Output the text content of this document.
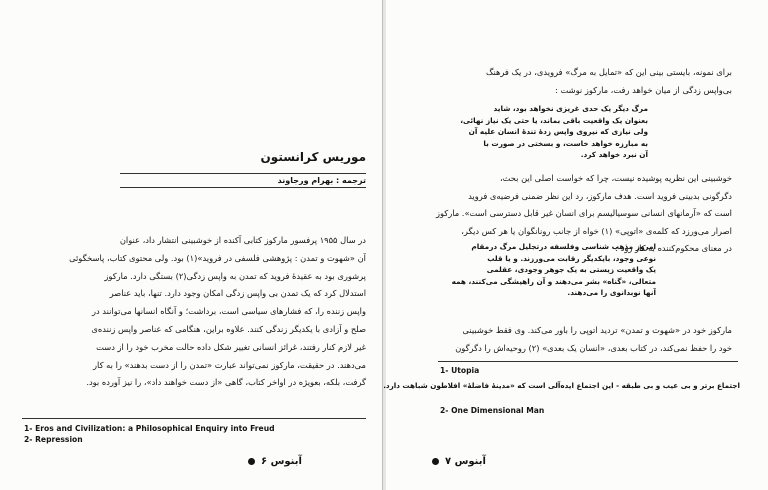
موریس کرانستون
ترجمه : بهرام ورجاوند

در سال ۱۹۵۵ پرفسور مارکوز کتابی آکنده از خوشبینی انتشار داد، عنوان

آن «شهوت و تمدن : پژوهشی فلسفی در فروید»(۱) بود. ولی محتوی کتاب، پاسخگوئی

پرشوری بود به عقیدهٔ فروید که تمدن به واپس زدگی(۲) بستگی دارد. مارکوز

استدلال کرد که یک تمدن بی واپس زدگی امکان وجود دارد. تنها، باید عناصر

واپس زننده را، که فشارهای سیاسی است، برداشت؛ و آنگاه انسانها می‌توانند در

صلح و آزادی با یکدیگر زندگی کنند. علاوه براین، هنگامی که عناصر واپس زننده‌ی

غیر لازم کنار رفتند، غرائز انسانی تغییر شکل داده حالت مخرب خود را از دست

می‌دهند. در حقیقت، مارکوز نمی‌تواند عبارت «تمدن را از دست بدهند» را به کار

گرفت، بلکه، بعویژه در اواخر کتاب، گاهی «از دست خواهند داد»، را نیز آورده بود.

1- Eros and Civilization: a Philosophical Enquiry into Freud

2- Repression

آبنوس ۶

برای نمونه، بایستی بینی این که «تمایل به مرگ» فرویدی، در یک فرهنگ

بی‌واپس زدگی از میان خواهد رفت، مارکوز نوشت :

مرگ دیگر یک حدی غریزی نخواهد بود، شاید

بعنوان یک واقعیت باقی بماند، یا حتی یک نیاز نهائی،

ولی نیازی که نیروی واپس زدهٔ تندهٔ انسان علیه آن

به مبارزه خواهد خاست، و بسختی در صورت با

آن نبرد خواهد کرد.

خوشبینی این نظریه پوشیده نیست، چرا که خواست اصلی این بحث،

دگرگونی بدبینی فروید است. هدف مارکوز، رد این نظر ضمنی فرضیه‌ی فروید

است که «آرمانهای انسانی سوسیالیسم برای انسان غیر قابل دسترسی است». مارکوز

اصرار می‌ورزد که کلمه‌ی «اتوپی» (۱) خواه از جانب رونانگوان یا هر کس دیگر،

در معنای محکوم‌کننده به کار رود :

امروز مذهب شناسی وفلسفه درتجلیل مرگ درمقام

نوعی وجود، بایکدیگر رقابت می‌ورزند. و یا قلب

یک واقعیت زیستی به یک جوهر وجودی، عقلمی

متعالی، «گناه» بشر می‌دهند و آن راهیشگی می‌کنند، همه

آنها نوبدانوی را می‌دهند.

مارکوز خود در «شهوت و تمدن» تردید اتوپی را باور می‌کند. وی فقط خوشبینی

خود را حفظ نمی‌کند، در کتاب بعدی، «انسان یک بعدی» (۲) روحیه‌اش را دگرگون

1- Utopia

اجتماع برتر و بی عیب و بی طبقه - این اجتماع ایده‌آلی است که «مدینهٔ فاضلهٔ» افلاطون شباهت دارد.

2- One Dimensional Man

آبنوس ۷
